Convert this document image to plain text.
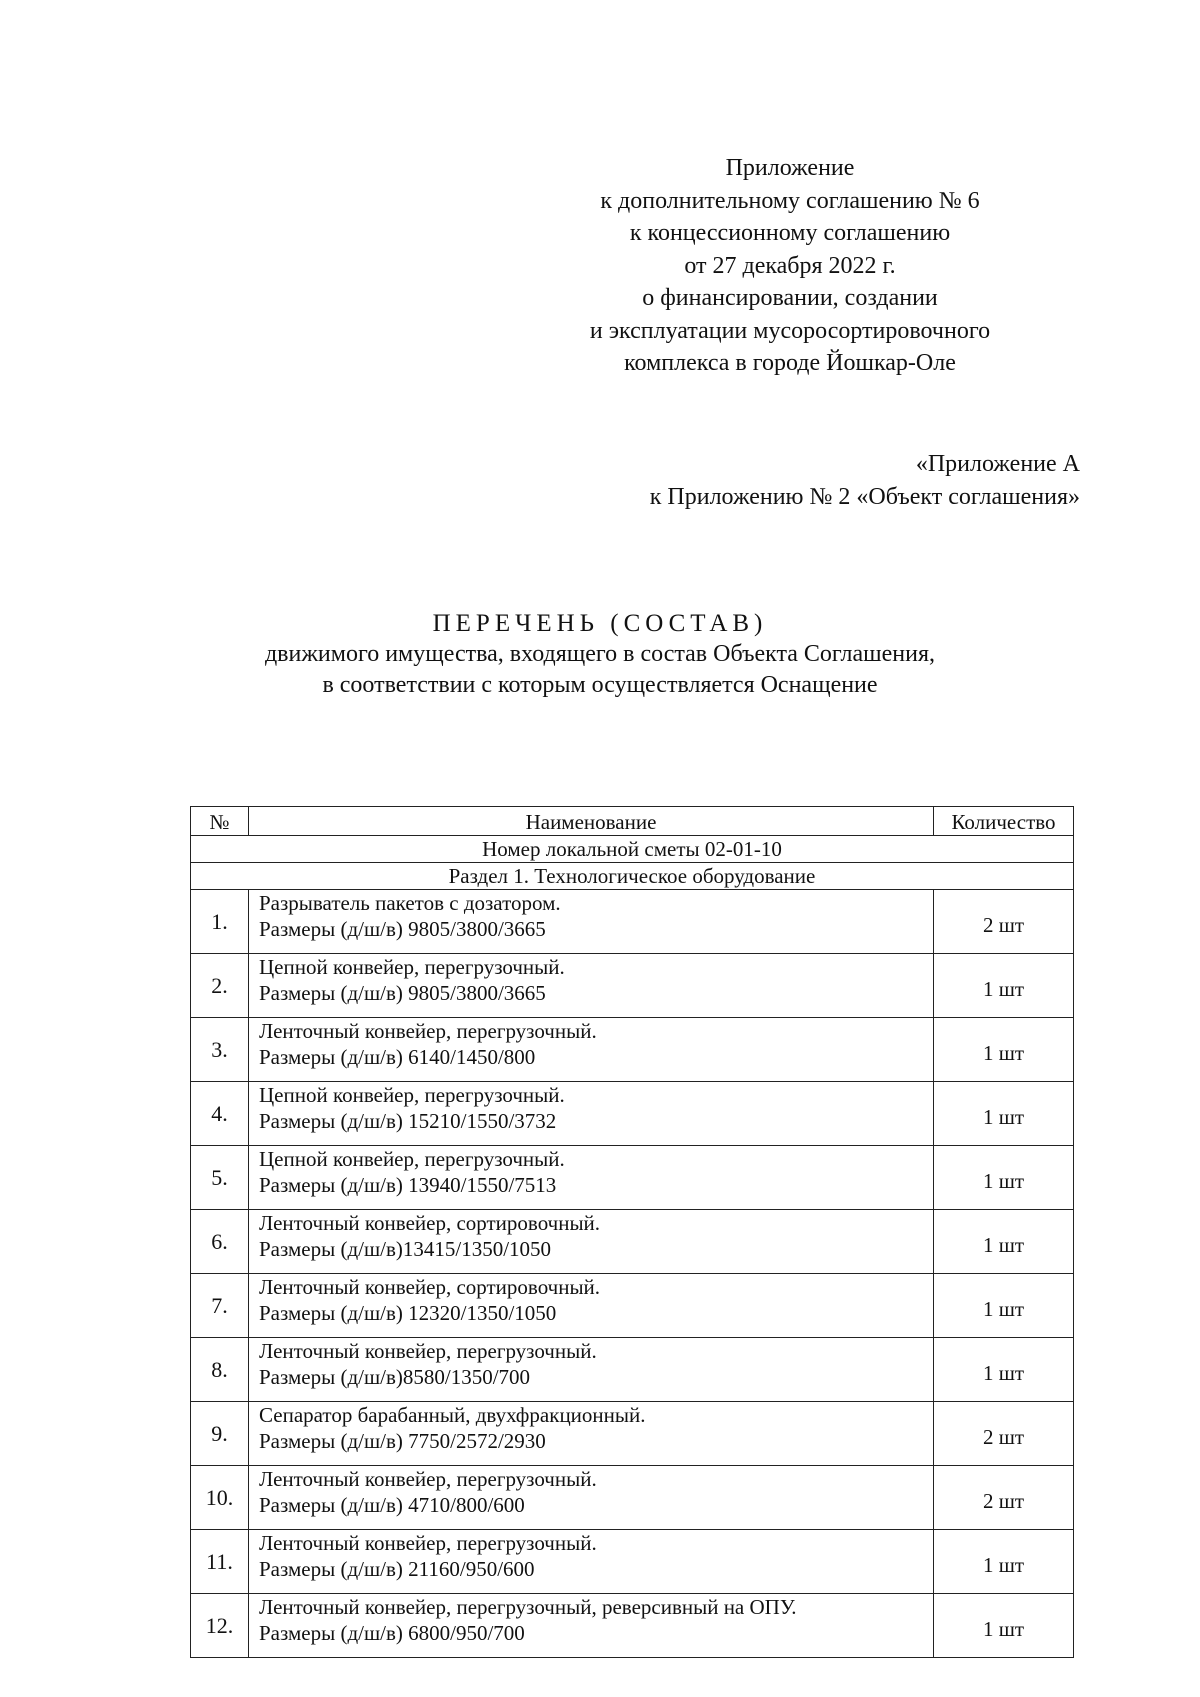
Приложение
к дополнительному соглашению № 6
к концессионному соглашению
от 27 декабря 2022 г.
о финансировании, создании
и эксплуатации мусоросортировочного
комплекса в городе Йошкар-Оле
«Приложение А
к Приложению № 2 «Объект соглашения»
ПЕРЕЧЕНЬ (СОСТАВ)
движимого имущества, входящего в состав Объекта Соглашения,
в соответствии с которым осуществляется Оснащение
№	Наименование	Количество
Номер локальной сметы 02-01-10		
Раздел 1. Технологическое оборудование		
1.	Разрыватель пакетов с дозатором.
Размеры (д/ш/в) 9805/3800/3665	2 шт
2.	Цепной конвейер, перегрузочный.
Размеры (д/ш/в) 9805/3800/3665	1 шт
3.	Ленточный конвейер, перегрузочный.
Размеры (д/ш/в) 6140/1450/800	1 шт
4.	Цепной конвейер, перегрузочный.
Размеры (д/ш/в) 15210/1550/3732	1 шт
5.	Цепной конвейер, перегрузочный.
Размеры (д/ш/в) 13940/1550/7513	1 шт
6.	Ленточный конвейер, сортировочный.
Размеры (д/ш/в)13415/1350/1050	1 шт
7.	Ленточный конвейер, сортировочный.
Размеры (д/ш/в) 12320/1350/1050	1 шт
8.	Ленточный конвейер, перегрузочный.
Размеры (д/ш/в)8580/1350/700	1 шт
9.	Сепаратор барабанный, двухфракционный.
Размеры (д/ш/в) 7750/2572/2930	2 шт
10.	Ленточный конвейер, перегрузочный.
Размеры (д/ш/в) 4710/800/600	2 шт
11.	Ленточный конвейер, перегрузочный.
Размеры (д/ш/в) 21160/950/600	1 шт
12.	Ленточный конвейер, перегрузочный, реверсивный на ОПУ.
Размеры (д/ш/в) 6800/950/700	1 шт
